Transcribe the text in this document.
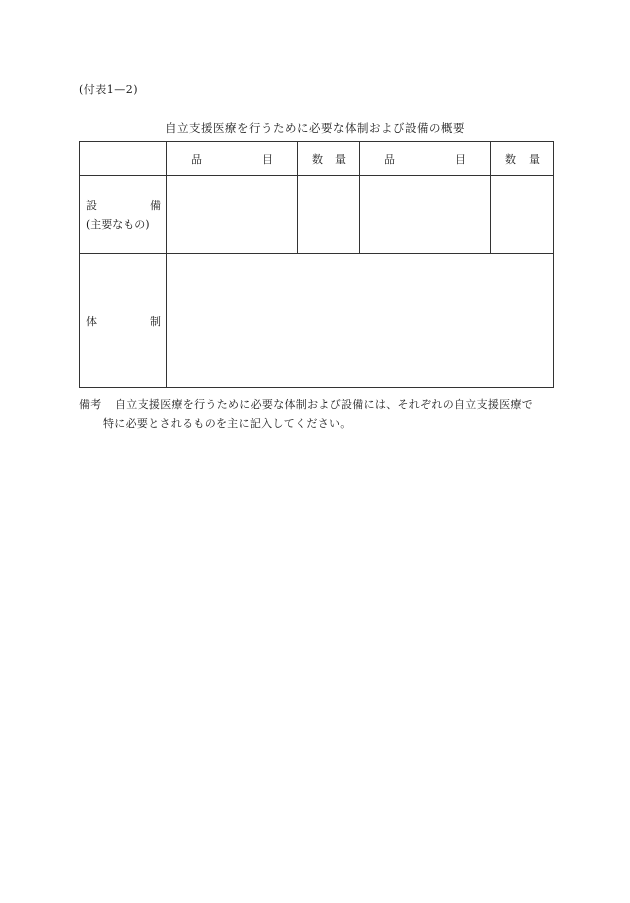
(付表1—2)
自立支援医療を行うために必要な体制および設備の概要

	品 目	数 量	品 目	数 量

設 備
(主要なもの)				

体 制				

備考 自立支援医療を行うために必要な体制および設備には、それぞれの自立支援医療で
特に必要とされるものを主に記入してください。
